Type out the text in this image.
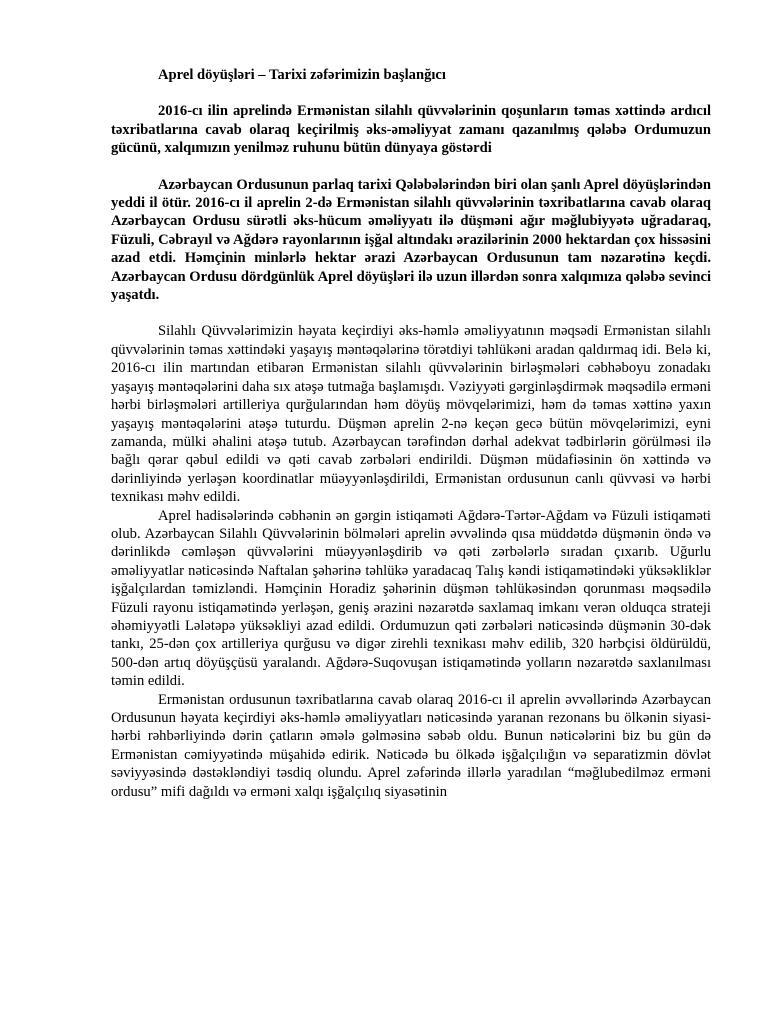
Aprel döyüşləri – Tarixi zəfərimizin başlanğıcı

2016-cı ilin aprelində Ermənistan silahlı qüvvələrinin qoşunların təmas xəttində ardıcıl təxribatlarına cavab olaraq keçirilmiş əks-əməliyyat zamanı qazanılmış qələbə Ordumuzun gücünü, xalqımızın yenilməz ruhunu bütün dünyaya göstərdi

Azərbaycan Ordusunun parlaq tarixi Qələbələrindən biri olan şanlı Aprel döyüşlərindən yeddi il ötür. 2016-cı il aprelin 2-də Ermənistan silahlı qüvvələrinin təxribatlarına cavab olaraq Azərbaycan Ordusu sürətli əks-hücum əməliyyatı ilə düşməni ağır məğlubiyyətə uğradaraq, Füzuli, Cəbrayıl və Ağdərə rayonlarının işğal altındakı ərazilərinin 2000 hektardan çox hissəsini azad etdi. Həmçinin minlərlə hektar ərazi Azərbaycan Ordusunun tam nəzarətinə keçdi. Azərbaycan Ordusu dördgünlük Aprel döyüşləri ilə uzun illərdən sonra xalqımıza qələbə sevinci yaşatdı.

Silahlı Qüvvələrimizin həyata keçirdiyi əks-həmlə əməliyyatının məqsədi Ermənistan silahlı qüvvələrinin təmas xəttindəki yaşayış məntəqələrinə törətdiyi təhlükəni aradan qaldırmaq idi. Belə ki, 2016-cı ilin martından etibarən Ermənistan silahlı qüvvələrinin birləşmələri cəbhəboyu zonadakı yaşayış məntəqələrini daha sıx atəşə tutmağa başlamışdı. Vəziyyəti gərginləşdirmək məqsədilə erməni hərbi birləşmələri artilleriya qurğularından həm döyüş mövqelərimizi, həm də təmas xəttinə yaxın yaşayış məntəqələrini atəşə tuturdu. Düşmən aprelin 2-nə keçən gecə bütün mövqelərimizi, eyni zamanda, mülki əhalini atəşə tutub. Azərbaycan tərəfindən dərhal adekvat tədbirlərin görülməsi ilə bağlı qərar qəbul edildi və qəti cavab zərbələri endirildi. Düşmən müdafiəsinin ön xəttində və dərinliyində yerləşən koordinatlar müəyyənləşdirildi, Ermənistan ordusunun canlı qüvvəsi və hərbi texnikası məhv edildi.

Aprel hadisələrində cəbhənin ən gərgin istiqaməti Ağdərə-Tərtər-Ağdam və Füzuli istiqaməti olub. Azərbaycan Silahlı Qüvvələrinin bölmələri aprelin əvvəlində qısa müddətdə düşmənin öndə və dərinlikdə cəmləşən qüvvələrini müəyyənləşdirib və qəti zərbələrlə sıradan çıxarıb. Uğurlu əməliyyatlar nəticəsində Naftalan şəhərinə təhlükə yaradacaq Talış kəndi istiqamətindəki yüksəkliklər işğalçılardan təmizləndi. Həmçinin Horadiz şəhərinin düşmən təhlükəsindən qorunması məqsədilə Füzuli rayonu istiqamətində yerləşən, geniş ərazini nəzarətdə saxlamaq imkanı verən olduqca strateji əhəmiyyətli Lələtəpə yüksəkliyi azad edildi. Ordumuzun qəti zərbələri nəticəsində düşmənin 30-dək tankı, 25-dən çox artilleriya qurğusu və digər zirehli texnikası məhv edilib, 320 hərbçisi öldürüldü, 500-dən artıq döyüşçüsü yaralandı. Ağdərə-Suqovuşan istiqamətində yolların nəzarətdə saxlanılması təmin edildi.

Ermənistan ordusunun təxribatlarına cavab olaraq 2016-cı il aprelin əvvəllərində Azərbaycan Ordusunun həyata keçirdiyi əks-həmlə əməliyyatları nəticəsində yaranan rezonans bu ölkənin siyasi-hərbi rəhbərliyində dərin çatların əmələ gəlməsinə səbəb oldu. Bunun nəticələrini biz bu gün də Ermənistan cəmiyyətində müşahidə edirik. Nəticədə bu ölkədə işğalçılığın və separatizmin dövlət səviyyəsində dəstəkləndiyi təsdiq olundu. Aprel zəfərində illərlə yaradılan “məğlubedilməz erməni ordusu” mifi dağıldı və erməni xalqı işğalçılıq siyasətinin
